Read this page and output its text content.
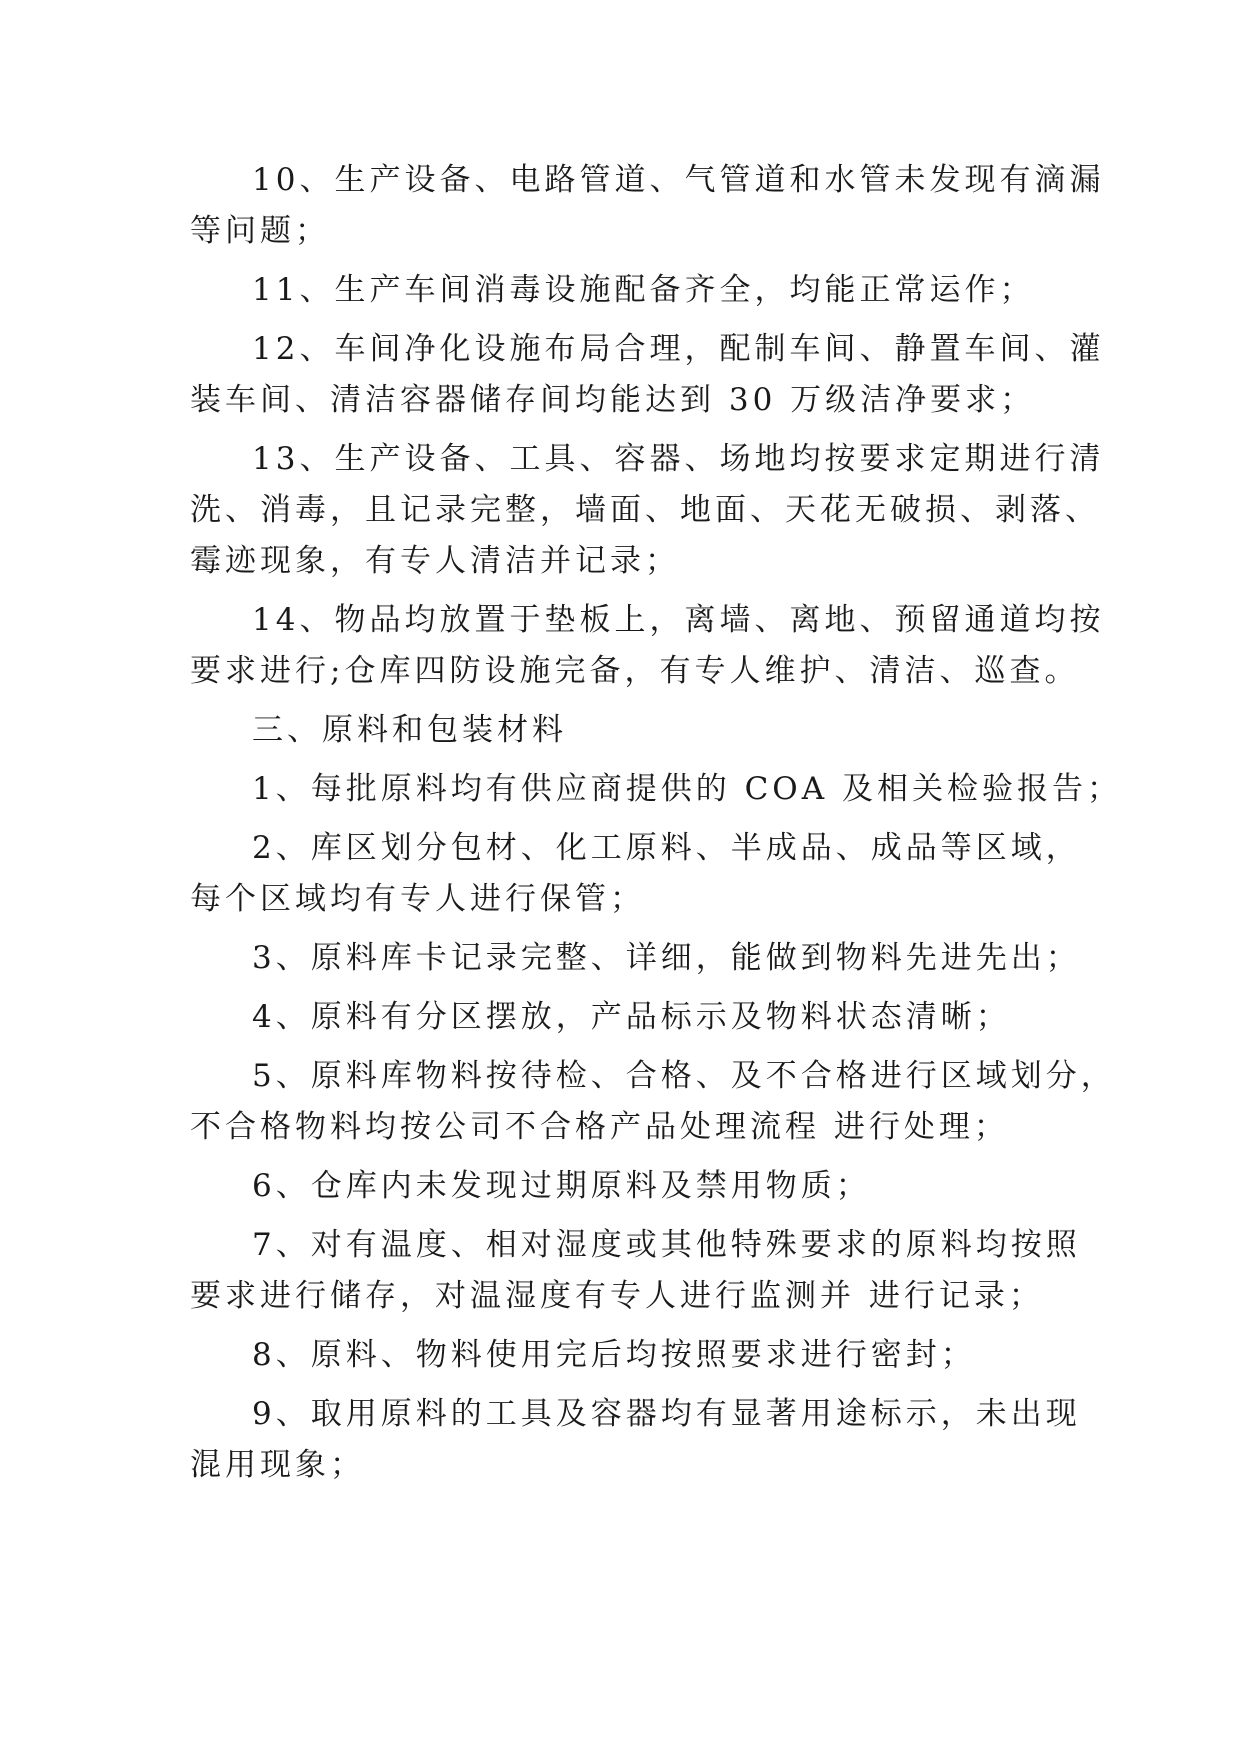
10、生产设备、电路管道、气管道和水管未发现有滴漏
等问题；
11、生产车间消毒设施配备齐全，均能正常运作；
12、车间净化设施布局合理，配制车间、静置车间、灌
装车间、清洁容器储存间均能达到 30 万级洁净要求；
13、生产设备、工具、容器、场地均按要求定期进行清
洗、消毒，且记录完整，墙面、地面、天花无破损、剥落、
霉迹现象，有专人清洁并记录；
14、物品均放置于垫板上，离墙、离地、预留通道均按
要求进行;仓库四防设施完备，有专人维护、清洁、巡查。
三、原料和包装材料
1、每批原料均有供应商提供的 COA 及相关检验报告；
2、库区划分包材、化工原料、半成品、成品等区域，
每个区域均有专人进行保管；
3、原料库卡记录完整、详细，能做到物料先进先出；
4、原料有分区摆放，产品标示及物料状态清晰；
5、原料库物料按待检、合格、及不合格进行区域划分，
不合格物料均按公司不合格产品处理流程 进行处理；
6、仓库内未发现过期原料及禁用物质；
7、对有温度、相对湿度或其他特殊要求的原料均按照
要求进行储存，对温湿度有专人进行监测并 进行记录；
8、原料、物料使用完后均按照要求进行密封；
9、取用原料的工具及容器均有显著用途标示，未出现
混用现象；
